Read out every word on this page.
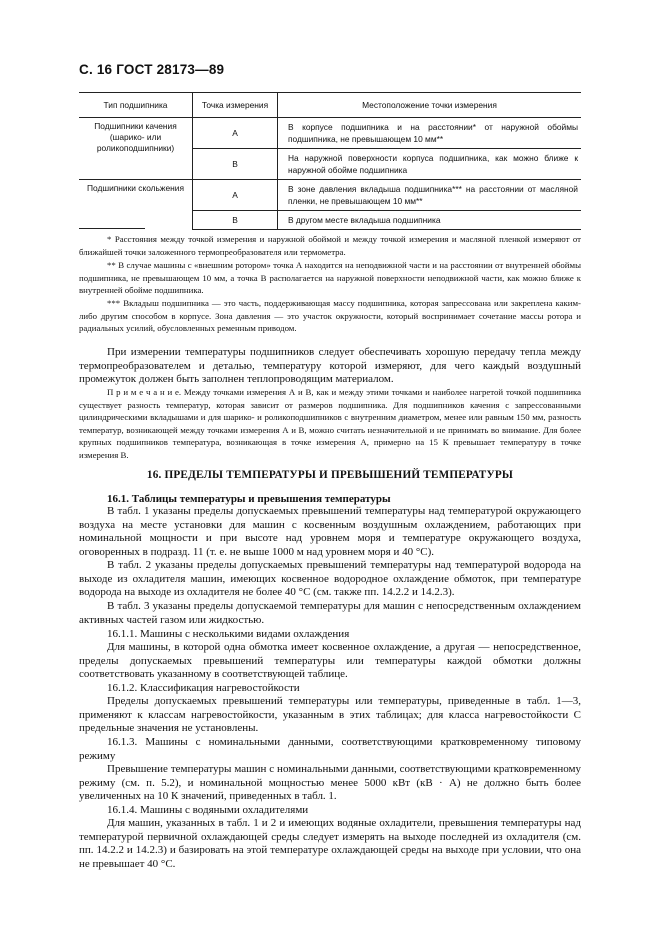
С. 16 ГОСТ 28173—89
Тип подшипника	Точка измерения	Местоположение точки измерения
Подшипники качения (шарико- или роликоподшипники)	А	В корпусе подшипника и на расстоянии* от наружной обоймы подшипника, не превышающем 10 мм**
	В	На наружной поверхности корпуса подшипника, как можно ближе к наружной обойме подшипника
Подшипники скольжения	А	В зоне давления вкладыша подшипника*** на расстоянии от масляной пленки, не превышающем 10 мм**
	В	В другом месте вкладыша подшипника
* Расстояния между точкой измерения и наружной обоймой и между точкой измерения и масляной пленкой измеряют от ближайшей точки заложенного термопреобразователя или термометра.
** В случае машины с «внешним ротором» точка А находится на неподвижной части и на расстоянии от внутренней обоймы подшипника, не превышающем 10 мм, а точка В располагается на наружной поверхности неподвижной части, как можно ближе к внутренней обойме подшипника.
*** Вкладыш подшипника — это часть, поддерживающая массу подшипника, которая запрессована или закреплена каким-либо другим способом в корпусе. Зона давления — это участок окружности, который воспринимает сочетание массы ротора и радиальных усилий, обусловленных ременным приводом.
При измерении температуры подшипников следует обеспечивать хорошую передачу тепла между термопреобразователем и деталью, температуру которой измеряют, для чего каждый воздушный промежуток должен быть заполнен теплопроводящим материалом.
П р и м е ч а н и е. Между точками измерения А и В, как и между этими точками и наиболее нагретой точкой подшипника существует разность температур, которая зависит от размеров подшипника. Для подшипников качения с запрессованными цилиндрическими вкладышами и для шарико- и роликоподшипников с внутренним диаметром, менее или равным 150 мм, разность температур, возникающей между точками измерения А и В, можно считать незначительной и не принимать во внимание. Для более крупных подшипников температура, возникающая в точке измерения А, примерно на 15 К превышает температуру в точке измерения В.
16. ПРЕДЕЛЫ ТЕМПЕРАТУРЫ И ПРЕВЫШЕНИЙ ТЕМПЕРАТУРЫ
16.1. Таблицы температуры и превышения температуры
В табл. 1 указаны пределы допускаемых превышений температуры над температурой окружающего воздуха на месте установки для машин с косвенным воздушным охлаждением, работающих при номинальной мощности и при высоте над уровнем моря и температуре окружающего воздуха, оговоренных в подразд. 11 (т. е. не выше 1000 м над уровнем моря и 40 °С).
В табл. 2 указаны пределы допускаемых превышений температуры над температурой водорода на выходе из охладителя машин, имеющих косвенное водородное охлаждение обмоток, при температуре водорода на выходе из охладителя не более 40 °С (см. также пп. 14.2.2 и 14.2.3).
В табл. 3 указаны пределы допускаемой температуры для машин с непосредственным охлаждением активных частей газом или жидкостью.
16.1.1. Машины с несколькими видами охлаждения
Для машины, в которой одна обмотка имеет косвенное охлаждение, а другая — непосредственное, пределы допускаемых превышений температуры или температуры каждой обмотки должны соответствовать указанному в соответствующей таблице.
16.1.2. Классификация нагревостойкости
Пределы допускаемых превышений температуры или температуры, приведенные в табл. 1—3, применяют к классам нагревостойкости, указанным в этих таблицах; для класса нагревостойкости С предельные значения не установлены.
16.1.3. Машины с номинальными данными, соответствующими кратковременному типовому режиму
Превышение температуры машин с номинальными данными, соответствующими кратковременному режиму (см. п. 5.2), и номинальной мощностью менее 5000 кВт (кВ · А) не должно быть более увеличенных на 10 К значений, приведенных в табл. 1.
16.1.4. Машины с водяными охладителями
Для машин, указанных в табл. 1 и 2 и имеющих водяные охладители, превышения температуры над температурой первичной охлаждающей среды следует измерять на выходе последней из охладителя (см. пп. 14.2.2 и 14.2.3) и базировать на этой температуре охлаждающей среды на выходе при условии, что она не превышает 40 °С.
